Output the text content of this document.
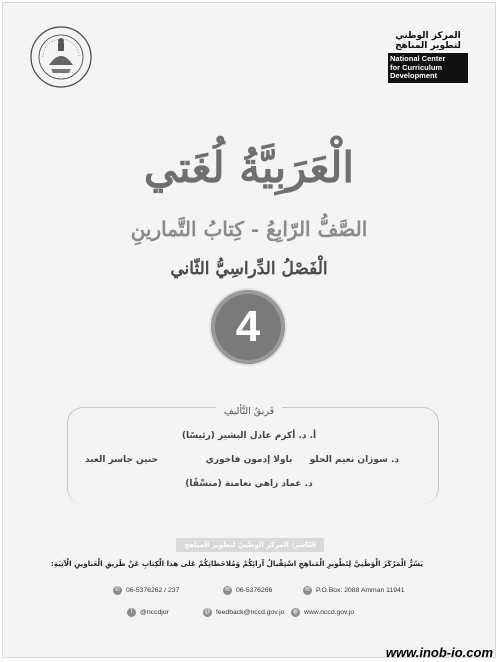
المركز الوطني لتطوير المناهج
National Center
for Curriculum
Development
الْعَرَبِيَّةُ لُغَتي
الصَّفُّ الرّابِعُ - كِتابُ التَّمارينِ
الْفَصْلُ الدِّراسِيُّ الثّاني
4
فَريقُ التَّأليفِ
أ. د. أكرم عادل البشير (رئيسًا)
د. سوزان نعيم الحلو
باولا إدمون فاخوري
حنين جاسر العبد
د. عماد زاهي نعامنة (منسِّقًا)
النّاشر: المركز الوطنيّ لتطوير المناهج
يَسُرُّ الْمَرْكَزَ الْوَطَنِيَّ لِتَطْويرِ الْمَناهِجِ اسْتِقْبالُ آرائِكُمْ وَمُلاحَظاتِكُمْ عَلى هذا الْكِتابِ عَنْ طَريقِ الْعَناوينِ الْآتِيَةِ:
✆ 06-5376262 / 237	✉ 06-5376266	✉ P.O.Box: 2088 Amman 11941
f	@nccdjor	@ feedback@nccd.gov.jo	◍ www.nccd.gov.jo
www.inob-io.com
